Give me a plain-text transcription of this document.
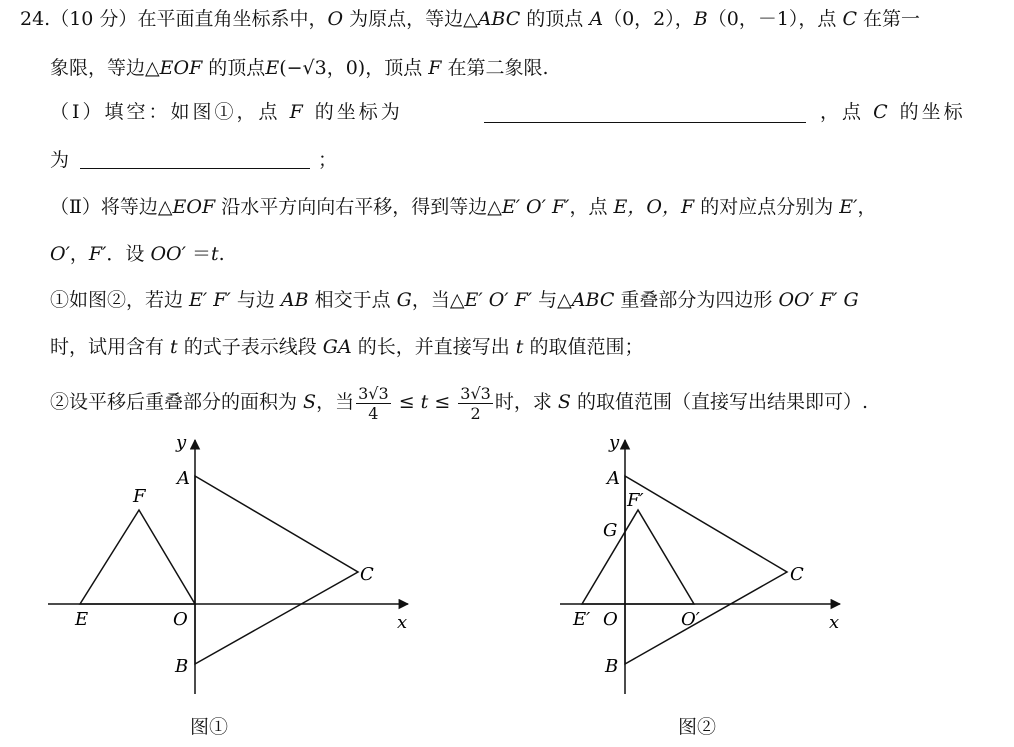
24.（10 分）在平面直角坐标系中，O 为原点，等边△ABC 的顶点 A（0，2），B（0，－1），点 C 在第一
象限，等边△EOF 的顶点E(−√3，0)，顶点 F 在第二象限.
（Ⅰ）填空：如图①，点 F 的坐标为	，点 C 的坐标
为	；
（Ⅱ）将等边△EOF 沿水平方向向右平移，得到等边△E′ O′ F′，点 E，O，F 的对应点分别为 E′，
O′，F′．设 OO′ ＝t.
①如图②，若边 E′ F′ 与边 AB 相交于点 G，当△E′ O′ F′ 与△ABC 重叠部分为四边形 OO′ F′ G
时，试用含有 t 的式子表示线段 GA 的长，并直接写出 t 的取值范围；
②设平移后重叠部分的面积为 S，当 $\frac{3√3}{4} \le t \le \frac{3√3}{2}$ 时，求 S 的取值范围（直接写出结果即可）.
y
x
A
B
C
E
F
O
图①
y
x
A
B
C
E′
F′
G
O	O′
图②
